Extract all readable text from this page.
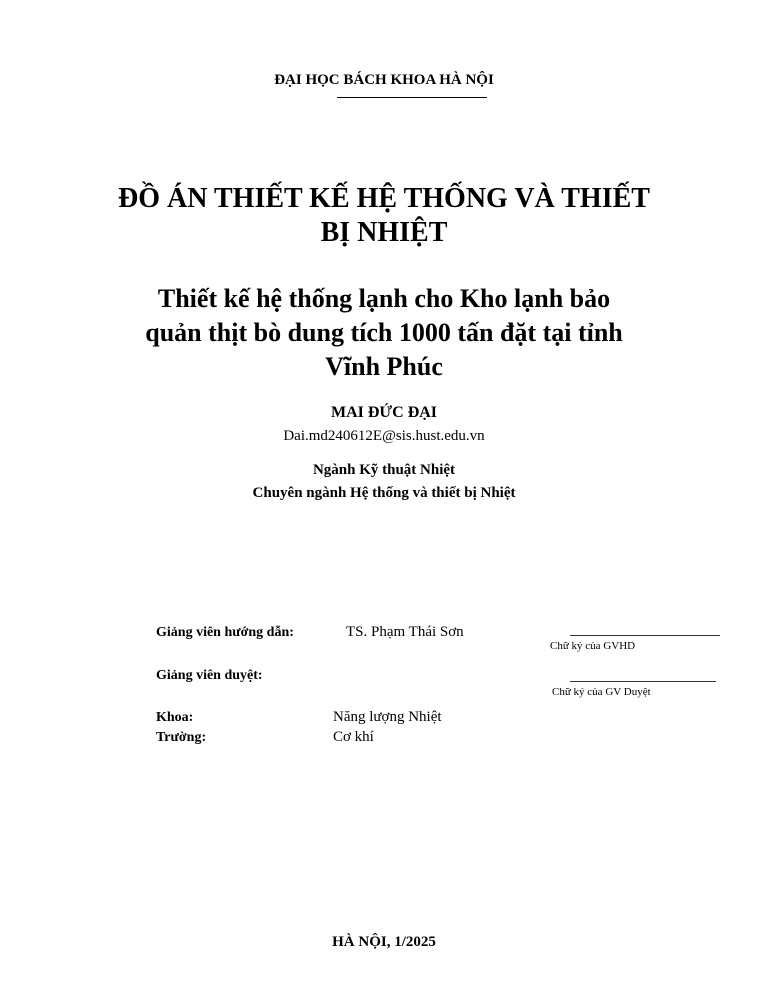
ĐẠI HỌC BÁCH KHOA HÀ NỘI
ĐỒ ÁN THIẾT KẾ HỆ THỐNG VÀ THIẾT
BỊ NHIỆT
Thiết kế hệ thống lạnh cho Kho lạnh bảo
quản thịt bò dung tích 1000 tấn đặt tại tỉnh
Vĩnh Phúc
MAI ĐỨC ĐẠI
Dai.md240612E@sis.hust.edu.vn
Ngành Kỹ thuật Nhiệt
Chuyên ngành Hệ thống và thiết bị Nhiệt
Giảng viên hướng dẫn:	TS. Phạm Thái Sơn
Chữ ký của GVHD
Giảng viên duyệt:
Chữ ký của GV Duyệt
Khoa:	Năng lượng Nhiệt
Trường:	Cơ khí
HÀ NỘI, 1/2025
